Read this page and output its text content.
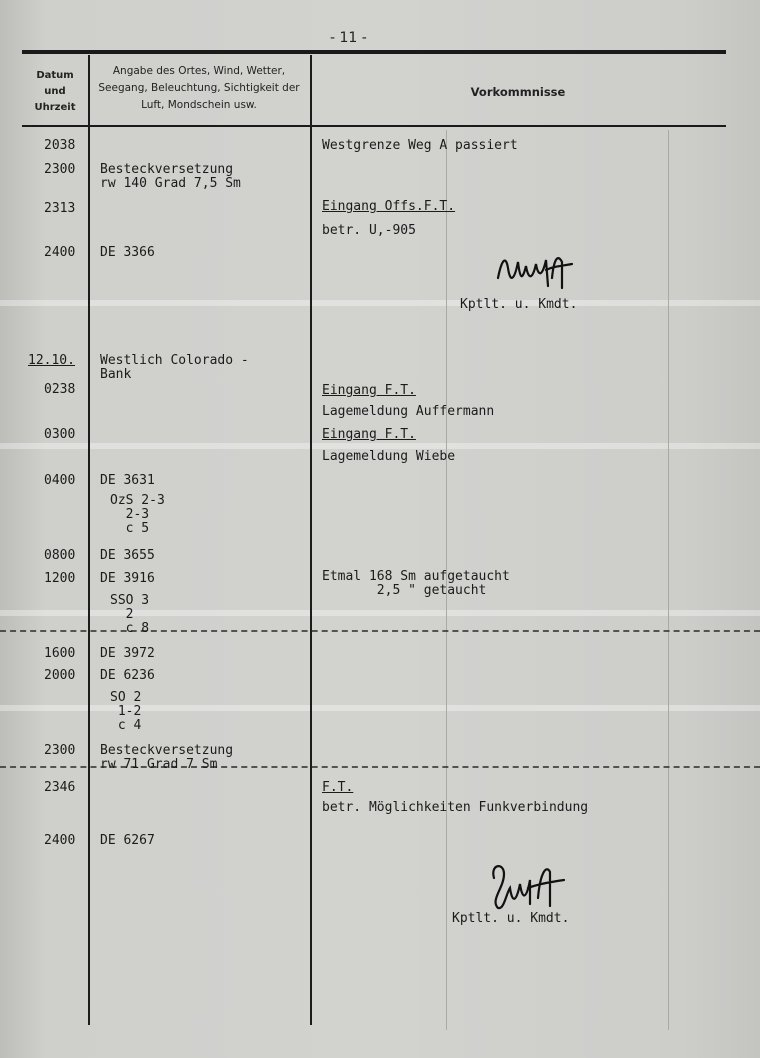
- 11 -
Datum
und
Uhrzeit
Angabe des Ortes, Wind, Wetter, Seegang, Beleuchtung, Sichtigkeit der Luft, Mondschein usw.
Vorkommnisse
2038
2300
2313
2400
12.10.
0238
0300
0400
0800
1200
1600
2000
2300
2346
2400
Besteckversetzung
rw 140 Grad 7,5 Sm
DE 3366
Westlich Colorado -
Bank
DE 3631
OzS 2-3
2-3
c 5
DE 3655
DE 3916
SSO 3
2
c 8
DE 3972
DE 6236
SO 2
1-2
c 4
Besteckversetzung
rw 71 Grad 7 Sm
DE 6267
Westgrenze Weg A passiert
Eingang Offs.F.T.
betr. U,-905
Kptlt. u. Kmdt.
Eingang F.T.
Lagemeldung Auffermann
Eingang F.T.
Lagemeldung Wiebe
Etmal 168 Sm aufgetaucht
2,5 " getaucht
F.T.
betr. Möglichkeiten Funkverbindung
Kptlt. u. Kmdt.
